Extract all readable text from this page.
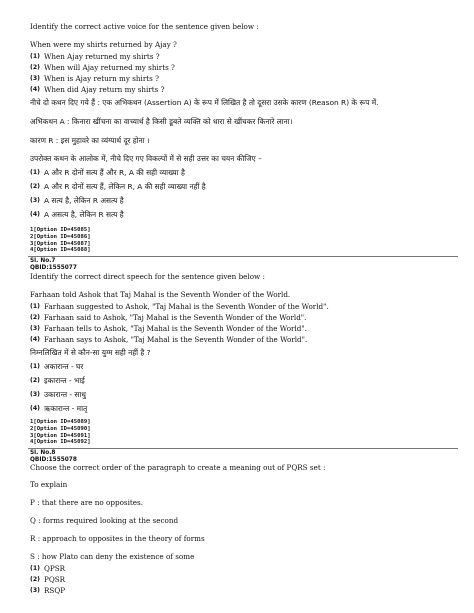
Identify the correct active voice for the sentence given below :
When were my shirts returned by Ajay ?
(1) When Ajay returned my shirts ?
(2) When will Ajay returned my shirts ?
(3) When is Ajay return my shirts ?
(4) When did Ajay return my shirts ?
नीचे दो कथन दिए गये हैं : एक अभिकथन (Assertion A) के रूप में लिखित है तो दूसरा उसके कारण (Reason R) के रूप में.
अभिकथन A : किनारा खींचना का वाच्यार्थ है किसी डूबते व्यक्ति को धारा से खींचकर किनारे लाना।
कारण R : इस मुहावरे का व्यंग्यार्थ दूर होना ।
उपरोक्त कथन के आलोक में, नीचे दिए गए विकल्पों में से सही उत्तर का चयन कीजिए –
(1) A और R दोनों सत्य हैं और R, A की सही व्याख्या है
(2) A और R दोनों सत्य हैं, लेकिन R, A की सही व्याख्या नहीं है
(3) A सत्य है, लेकिन R असत्य है
(4) A असत्य है, लेकिन R सत्य है
1[Option ID=45085]
2[Option ID=45086]
3[Option ID=45087]
4[Option ID=45088]
Sl. No.7
QBID:1555077
Identify the correct direct speech for the sentence given below :
Farhaan told Ashok that Taj Mahal is the Seventh Wonder of the World.
(1) Farhaan suggested to Ashok, "Taj Mahal is the Seventh Wonder of the World".
(2) Farhaan said to Ashok, "Taj Mahal is the Seventh Wonder of the World".
(3) Farhaan tells to Ashok, "Taj Mahal is the Seventh Wonder of the World".
(4) Farhaan says to Ashok, "Taj Mahal is the Seventh Wonder of the World".
निम्नलिखित में से कौन-सा युग्म सही नहीं है ?
(1) अकारान्त - घर
(2) इकारान्त - भाई
(3) उकारान्त - साधु
(4) ऋकारान्त - मातृ
1[Option ID=45089]
2[Option ID=45090]
3[Option ID=45091]
4[Option ID=45092]
Sl. No.8
QBID:1555078
Choose the correct order of the paragraph to create a meaning out of PQRS set :
To explain
P : that there are no opposites.
Q : forms required looking at the second
R : approach to opposites in the theory of forms
S : how Plato can deny the existence of some
(1) QPSR
(2) PQSR
(3) RSQP
